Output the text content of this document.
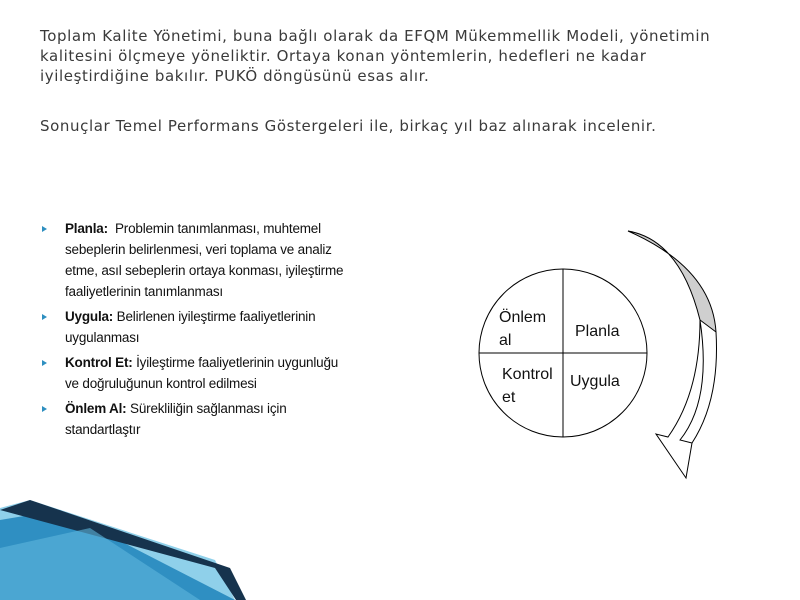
Toplam Kalite Yönetimi, buna bağlı olarak da EFQM Mükemmellik Modeli, yönetimin
kalitesini ölçmeye yöneliktir. Ortaya konan yöntemlerin, hedefleri ne kadar
iyileştirdiğine bakılır. PUKÖ döngüsünü esas alır.

Sonuçlar Temel Performans Göstergeleri ile, birkaç yıl baz alınarak incelenir.

Planla: Problemin tanımlanması, muhtemel
sebeplerin belirlenmesi, veri toplama ve analiz
etme, asıl sebeplerin ortaya konması, iyileştirme
faaliyetlerinin tanımlanması
Uygula: Belirlenen iyileştirme faaliyetlerinin
uygulanması
Kontrol Et: İyileştirme faaliyetlerinin uygunluğu
ve doğruluğunun kontrol edilmesi
Önlem Al: Sürekliliğin sağlanması için
standartlaştır
Önlem
al
Planla
Kontrol
et
Uygula
